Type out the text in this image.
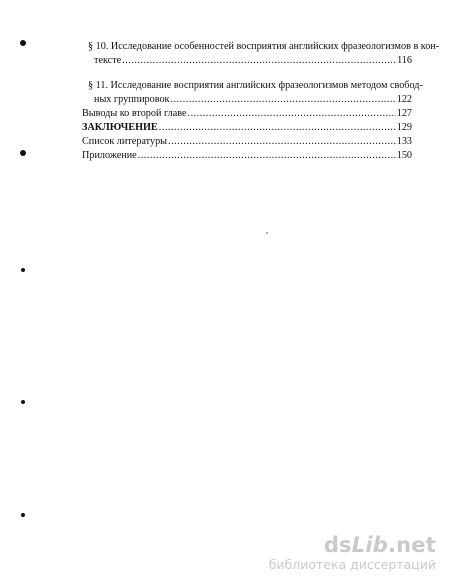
§ 10. Исследование особенностей восприятия английских фразеологизмов в кон-
тексте .....	116
§ 11. Исследование восприятия английских фразеологизмов методом свобод-
ных группировок .....	122
Выводы ко второй главе .....	127
ЗАКЛЮЧЕНИЕ .....	129
Список литературы .....	133
Приложение .....	150
dsLib.net
библиотека диссертаций
